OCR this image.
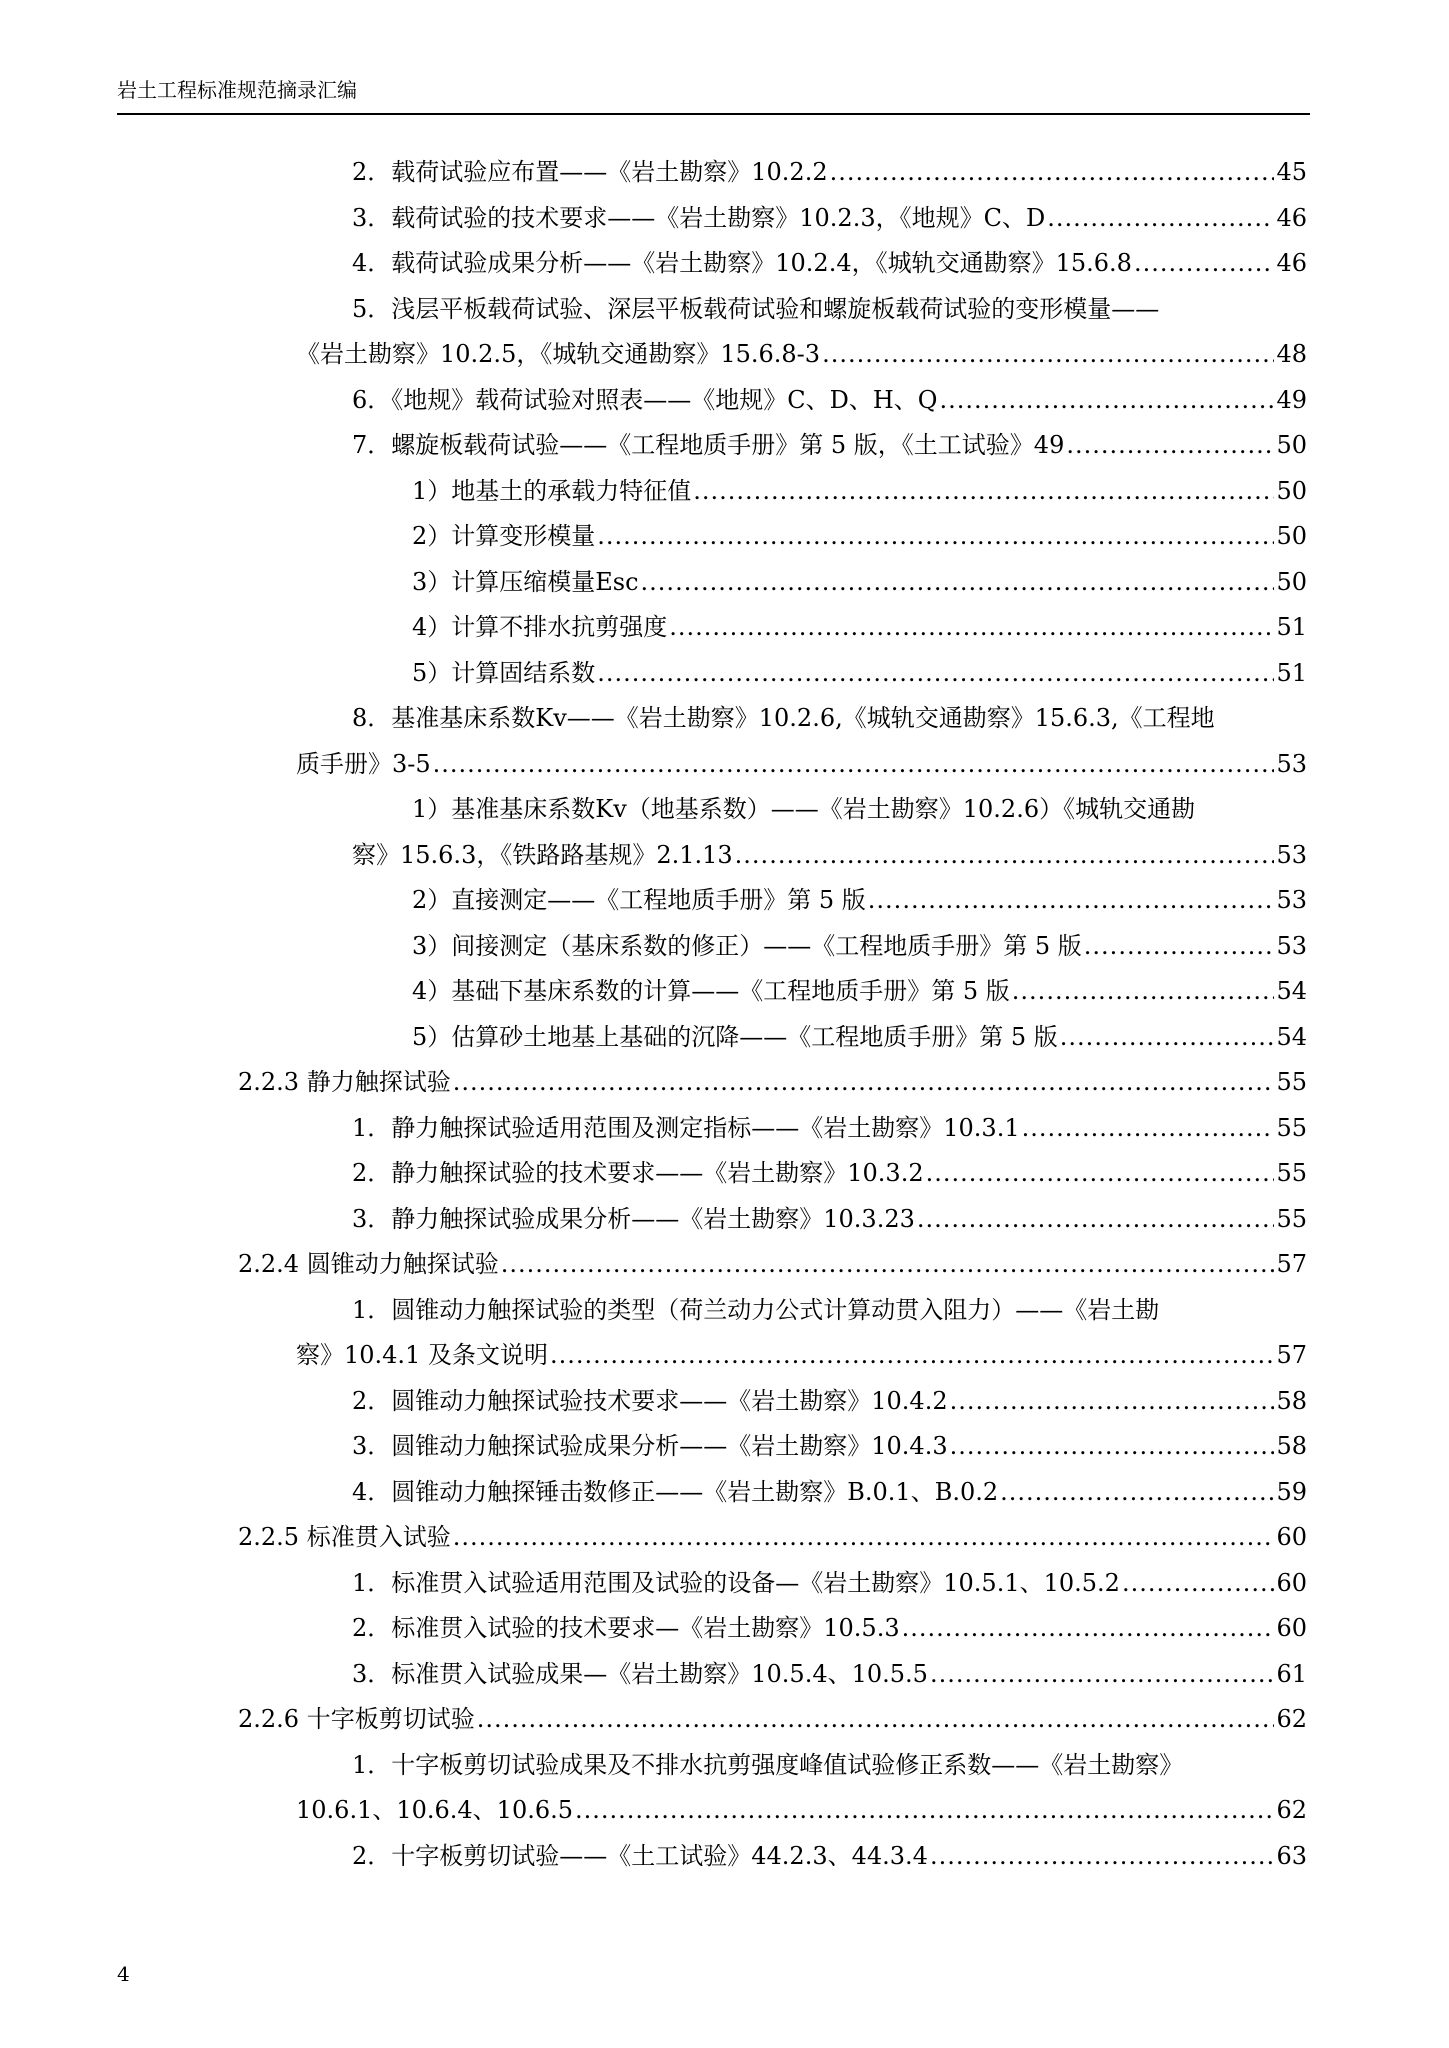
岩土工程标准规范摘录汇编
2．载荷试验应布置——《岩土勘察》10.2.2 .....	45
3．载荷试验的技术要求——《岩土勘察》10.2.3，《地规》C、D .....	46
4．载荷试验成果分析——《岩土勘察》10.2.4，《城轨交通勘察》15.6.8 .....	46
5．浅层平板载荷试验、深层平板载荷试验和螺旋板载荷试验的变形模量——
《岩土勘察》10.2.5，《城轨交通勘察》15.6.8-3 .....	48
6．《地规》载荷试验对照表——《地规》C、D、H、Q .....	49
7．螺旋板载荷试验——《工程地质手册》第 5 版，《土工试验》49 .....	50
1）地基土的承载力特征值 .....	50
2）计算变形模量 .....	50
3）计算压缩模量Esc .....	50
4）计算不排水抗剪强度 .....	51
5）计算固结系数 .....	51
8．基准基床系数Kv——《岩土勘察》10.2.6,《城轨交通勘察》15.6.3,《工程地
质手册》3-5 .....	53
1）基准基床系数Kv（地基系数）——《岩土勘察》10.2.6）《城轨交通勘
察》15.6.3，《铁路路基规》2.1.13 .....	53
2）直接测定——《工程地质手册》第 5 版 .....	53
3）间接测定（基床系数的修正）——《工程地质手册》第 5 版 .....	53
4）基础下基床系数的计算——《工程地质手册》第 5 版 .....	54
5）估算砂土地基上基础的沉降——《工程地质手册》第 5 版 .....	54
2.2.3 静力触探试验 .....	55
1．静力触探试验适用范围及测定指标——《岩土勘察》10.3.1 .....	55
2．静力触探试验的技术要求——《岩土勘察》10.3.2 .....	55
3．静力触探试验成果分析——《岩土勘察》10.3.23 .....	55
2.2.4 圆锥动力触探试验 .....	57
1．圆锥动力触探试验的类型（荷兰动力公式计算动贯入阻力）——《岩土勘
察》10.4.1 及条文说明 .....	57
2．圆锥动力触探试验技术要求——《岩土勘察》10.4.2 .....	58
3．圆锥动力触探试验成果分析——《岩土勘察》10.4.3 .....	58
4．圆锥动力触探锤击数修正——《岩土勘察》B.0.1、B.0.2 .....	59
2.2.5 标准贯入试验 .....	60
1．标准贯入试验适用范围及试验的设备—《岩土勘察》10.5.1、10.5.2 .....	60
2．标准贯入试验的技术要求—《岩土勘察》10.5.3 .....	60
3．标准贯入试验成果—《岩土勘察》10.5.4、10.5.5 .....	61
2.2.6 十字板剪切试验 .....	62
1．十字板剪切试验成果及不排水抗剪强度峰值试验修正系数——《岩土勘察》
10.6.1、10.6.4、10.6.5 .....	62
2．十字板剪切试验——《土工试验》44.2.3、44.3.4 .....	63
4
